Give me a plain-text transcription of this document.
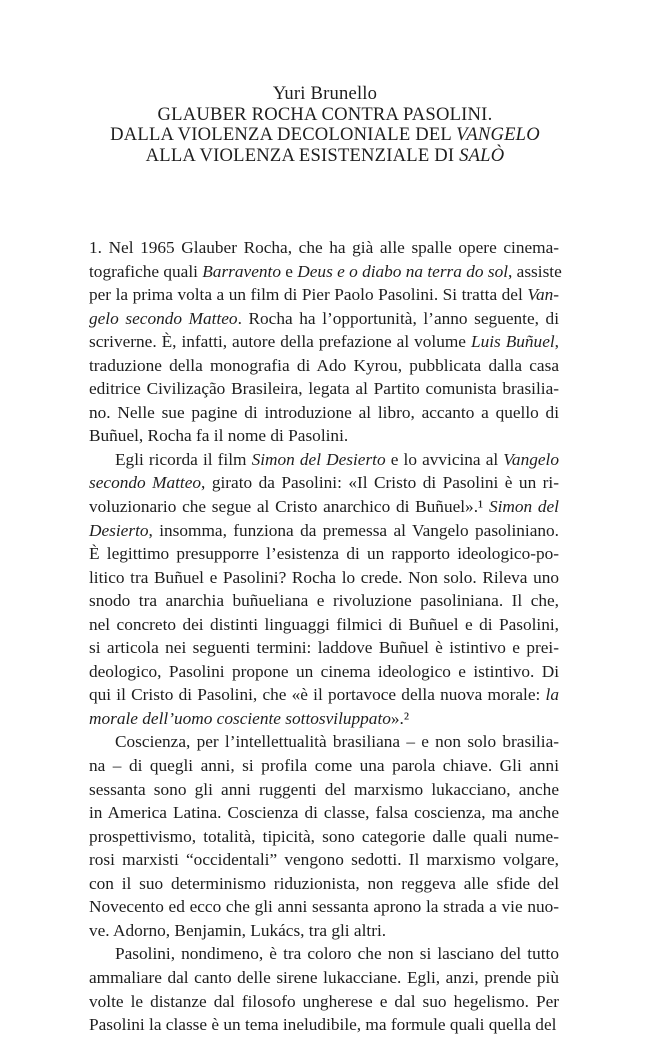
Yuri Brunello
GLAUBER ROCHA CONTRA PASOLINI.
DALLA VIOLENZA DECOLONIALE DEL VANGELO
ALLA VIOLENZA ESISTENZIALE DI SALÒ

1. Nel 1965 Glauber Rocha, che ha già alle spalle opere cinema-
tografiche quali Barravento e Deus e o diabo na terra do sol, assiste
per la prima volta a un film di Pier Paolo Pasolini. Si tratta del Van-
gelo secondo Matteo. Rocha ha l’opportunità, l’anno seguente, di
scriverne. È, infatti, autore della prefazione al volume Luis Buñuel,
traduzione della monografia di Ado Kyrou, pubblicata dalla casa
editrice Civilização Brasileira, legata al Partito comunista brasilia-
no. Nelle sue pagine di introduzione al libro, accanto a quello di
Buñuel, Rocha fa il nome di Pasolini.

Egli ricorda il film Simon del Desierto e lo avvicina al Vangelo
secondo Matteo, girato da Pasolini: «Il Cristo di Pasolini è un ri-
voluzionario che segue al Cristo anarchico di Buñuel».¹ Simon del
Desierto, insomma, funziona da premessa al Vangelo pasoliniano.
È legittimo presupporre l’esistenza di un rapporto ideologico-po-
litico tra Buñuel e Pasolini? Rocha lo crede. Non solo. Rileva uno
snodo tra anarchia buñueliana e rivoluzione pasoliniana. Il che,
nel concreto dei distinti linguaggi filmici di Buñuel e di Pasolini,
si articola nei seguenti termini: laddove Buñuel è istintivo e prei-
deologico, Pasolini propone un cinema ideologico e istintivo. Di
qui il Cristo di Pasolini, che «è il portavoce della nuova morale: la
morale dell’uomo cosciente sottosviluppato».²

Coscienza, per l’intellettualità brasiliana – e non solo brasilia-
na – di quegli anni, si profila come una parola chiave. Gli anni
sessanta sono gli anni ruggenti del marxismo lukacciano, anche
in America Latina. Coscienza di classe, falsa coscienza, ma anche
prospettivismo, totalità, tipicità, sono categorie dalle quali nume-
rosi marxisti “occidentali” vengono sedotti. Il marxismo volgare,
con il suo determinismo riduzionista, non reggeva alle sfide del
Novecento ed ecco che gli anni sessanta aprono la strada a vie nuo-
ve. Adorno, Benjamin, Lukács, tra gli altri.

Pasolini, nondimeno, è tra coloro che non si lasciano del tutto
ammaliare dal canto delle sirene lukacciane. Egli, anzi, prende più
volte le distanze dal filosofo ungherese e dal suo hegelismo. Per
Pasolini la classe è un tema ineludibile, ma formule quali quella del
